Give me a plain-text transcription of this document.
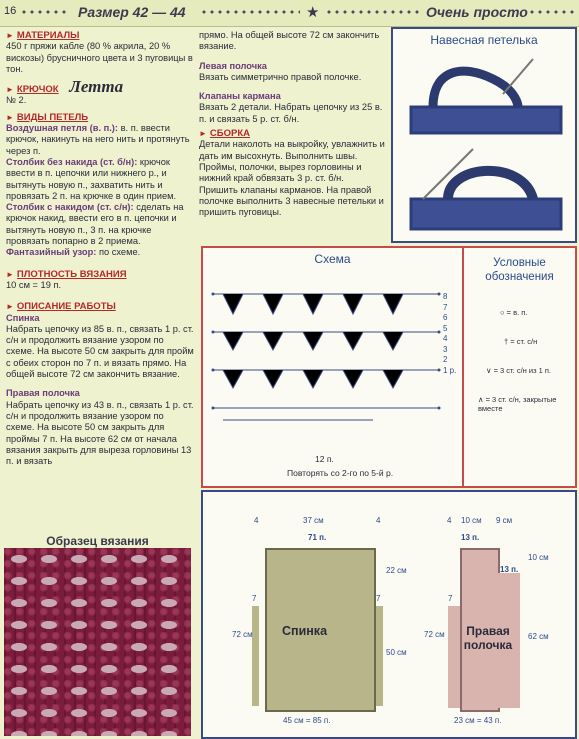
16	Размер 42 — 44	★	Очень просто
► МАТЕРИАЛЫ

450 г пряжи кабле (80 % акрила, 20 % вискозы) брусничного цвета и 3 пуговицы в тон.

► КРЮЧОК Летта

№ 2.

► ВИДЫ ПЕТЕЛЬ

Воздушная петля (в. п.): в. п. ввести крючок, накинуть на него нить и протянуть через п.

Столбик без накида (ст. б/н): крючок ввести в п. цепочки или нижнего р., и вытянуть новую п., захватить нить и провязать 2 п. на крючке в один прием.

Столбик с накидом (ст. с/н): сделать на крючок накид, ввести его в п. цепочки и вытянуть новую п., 3 п. на крючке провязать попарно в 2 приема.

Фантазийный узор: по схеме.

► ПЛОТНОСТЬ ВЯЗАНИЯ

10 см = 19 п.

► ОПИСАНИЕ РАБОТЫ
Спинка

Набрать цепочку из 85 в. п., связать 1 р. ст. с/н и продолжить вязание узором по схеме. На высоте 50 см закрыть для пройм с обеих сторон по 7 п. и вязать прямо. На общей высоте 72 см закончить вязание.

Правая полочка

Набрать цепочку из 43 в. п., связать 1 р. ст. с/н и продолжить вязание узором по схеме. На высоте 50 см закрыть для проймы 7 п. На высоте 62 см от начала вязания закрыть для выреза горловины 13 п. и вязать

Образец вязания

прямо. На общей высоте 72 см закончить вязание.

Левая полочка

Вязать симметрично правой полочке.

Клапаны кармана

Вязать 2 детали. Набрать цепочку из 25 в. п. и связать 5 р. ст. б/н.

► СБОРКА

Детали наколоть на выкройку, увлажнить и дать им высохнуть. Выполнить швы. Проймы, полочки, вырез горловины и нижний край обвязать 3 р. ст. б/н. Пришить клапаны карманов. На правой полочке выполнить 3 навесные петельки и пришить пуговицы.

Навесная петелька
Схема
8
7
6
5
4
3
2
1 р.
12 п.
Повторять со 2-го по 5-й р.
Условные обозначения
○ = в. п.
† = ст. с/н
∨ = 3 ст. с/н из 1 п.
∧ = 3 ст. с/н, закрытые вместе
Спинка
4	37 см	4
71 п.
7	7
22 см
50 см
72 см
45 см = 85 п.
Правая полочка
4 10 см 9 см
13 п.
13 п.
7
10 см
62 см
72 см
23 см = 43 п.
